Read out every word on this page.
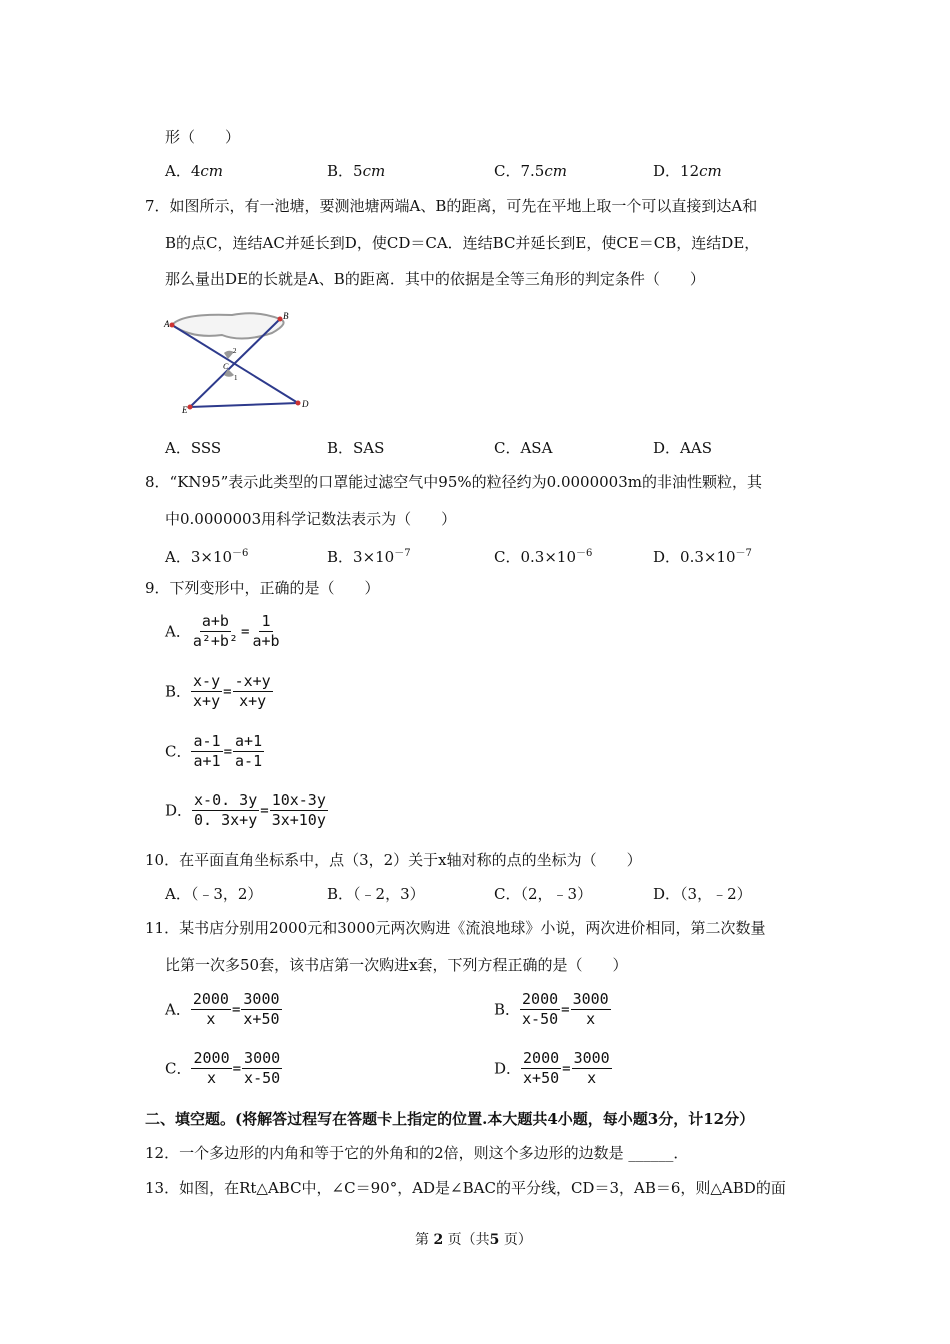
形（　　）
A．4cm	B．5cm	C．7.5cm	D．12cm
7．如图所示，有一池塘，要测池塘两端A、B的距离，可先在平地上取一个可以直接到达A和
B的点C，连结AC并延长到D，使CD＝CA．连结BC并延长到E，使CE＝CB，连结DE，
那么量出DE的长就是A、B的距离．其中的依据是全等三角形的判定条件（　　）
A
B
C
D
E
1
2
A．SSS	B．SAS	C．ASA	D．AAS
8．“KN95”表示此类型的口罩能过滤空气中95%的粒径约为0.0000003m的非油性颗粒，其
中0.0000003用科学记数法表示为（　　）
A．$3\times 10^{-6}$	B．$3\times 10^{-7}$	C．$0.3\times 10^{-6}$	D．$0.3\times 10^{-7}$
9．下列变形中，正确的是（　　）
A． $\frac{a+b}{\text{a²+b²}} = \frac{1}{a+b}$
B． $\frac{x-y}{x+y} = \frac{-x+y}{x+y}$
C． $\frac{a-1}{a+1} = \frac{a+1}{a-1}$
D． $\frac{x-0. 3y}{0. 3x+y} = \frac{10x-3y}{3x+10y}$
10．在平面直角坐标系中，点（3，2）关于x轴对称的点的坐标为（　　）
A．（﹣3，2）	B．（﹣2，3）	C．（2，﹣3）	D．（3，﹣2）
11．某书店分别用2000元和3000元两次购进《流浪地球》小说，两次进价相同，第二次数量
比第一次多50套，该书店第一次购进x套，下列方程正确的是（　　）
A． $\frac{2000}{x} = \frac{3000}{x+50}$	B． $\frac{2000}{x-50} = \frac{3000}{x}$
C． $\frac{2000}{x} = \frac{3000}{x-50}$	D． $\frac{2000}{x+50} = \frac{3000}{x}$
二、填空题。(将解答过程写在答题卡上指定的位置.本大题共4小题，每小题3分，计12分）
12．一个多边形的内角和等于它的外角和的2倍，则这个多边形的边数是 ______．
13．如图，在Rt△ABC中，∠C＝90°，AD是∠BAC的平分线，CD＝3，AB＝6，则△ABD的面
第 2 页（共5 页）
